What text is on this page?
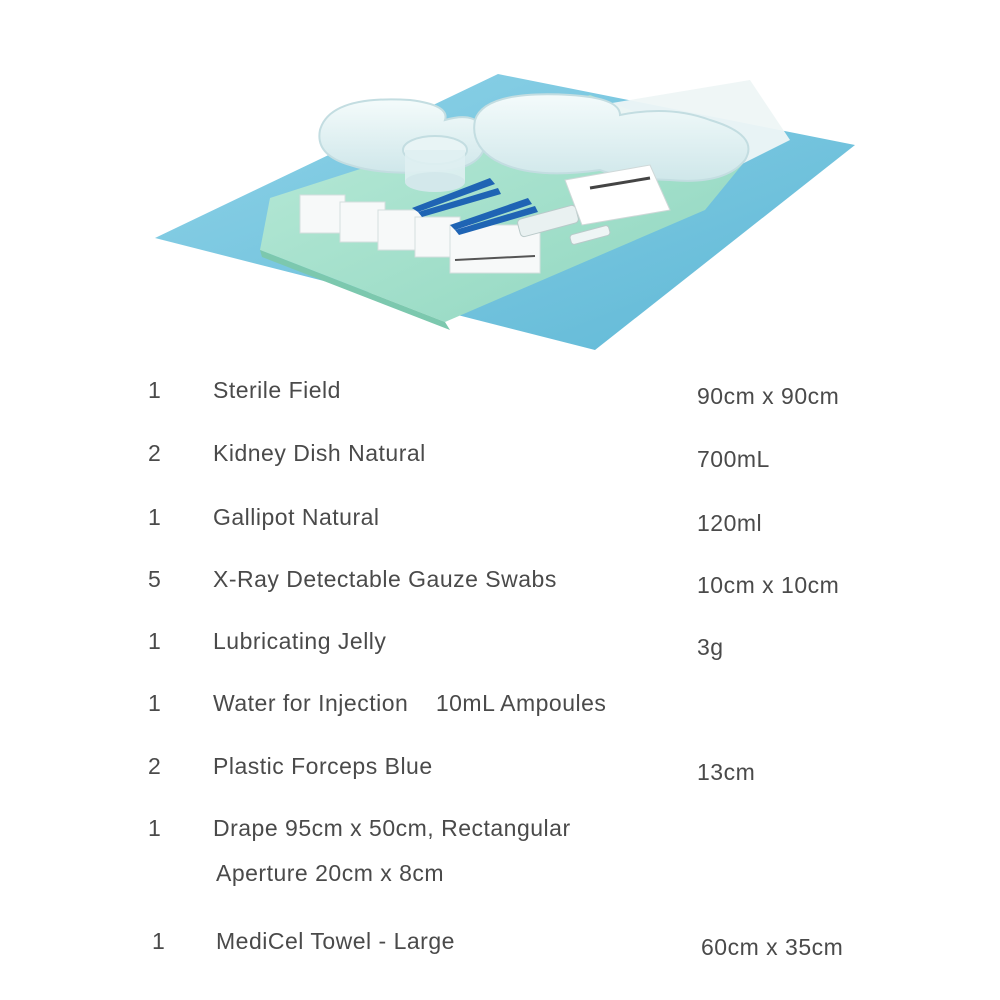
1 Sterile Field	90cm x 90cm
2 Kidney Dish Natural	700mL
1 Gallipot Natural	120ml
5 X-Ray Detectable Gauze Swabs	10cm x 10cm
1 Lubricating Jelly	3g
1 Water for Injection    10mL Ampoules
2 Plastic Forceps Blue	13cm
1 Drape 95cm x 50cm, Rectangular
Aperture 20cm x 8cm
1 MediCel Towel - Large	60cm x 35cm
